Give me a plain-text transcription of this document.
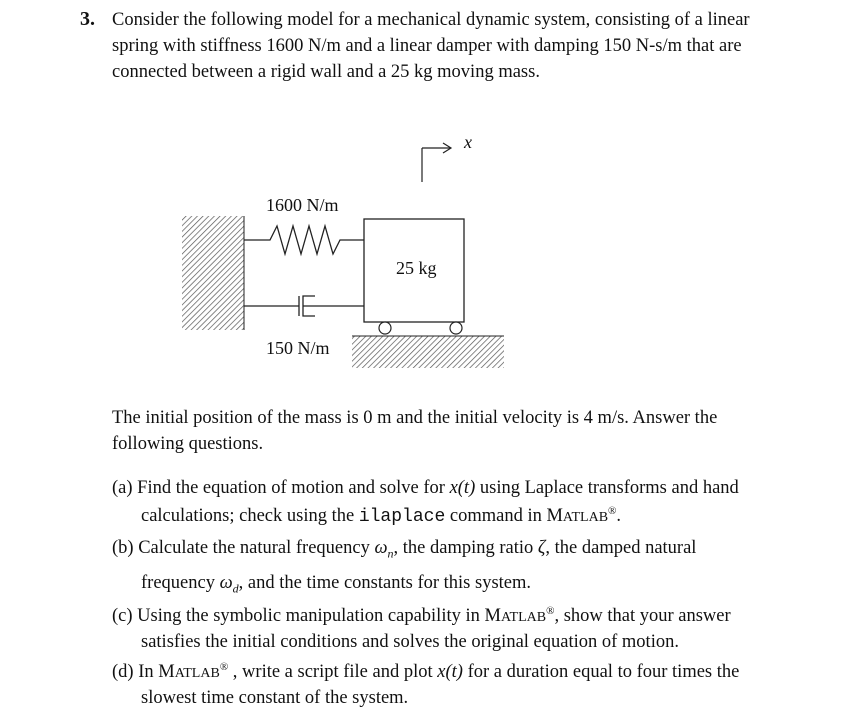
3. Consider the following model for a mechanical dynamic system, consisting of a linear
spring with stiffness 1600 N/m and a linear damper with damping 150 N-s/m that are
connected between a rigid wall and a 25 kg moving mass.
1600 N/m
25 kg
150 N/m
x
The initial position of the mass is 0 m and the initial velocity is 4 m/s. Answer the
following questions.
(a) Find the equation of motion and solve for x(t) using Laplace transforms and hand
calculations; check using the ilaplace command in MATLAB®.
(b) Calculate the natural frequency $\omega_n$, the damping ratio ζ, the damped natural
frequency $\omega_d$, and the time constants for this system.
(c) Using the symbolic manipulation capability in MATLAB®, show that your answer
satisfies the initial conditions and solves the original equation of motion.
(d) In MATLAB® , write a script file and plot x(t) for a duration equal to four times the
slowest time constant of the system.
